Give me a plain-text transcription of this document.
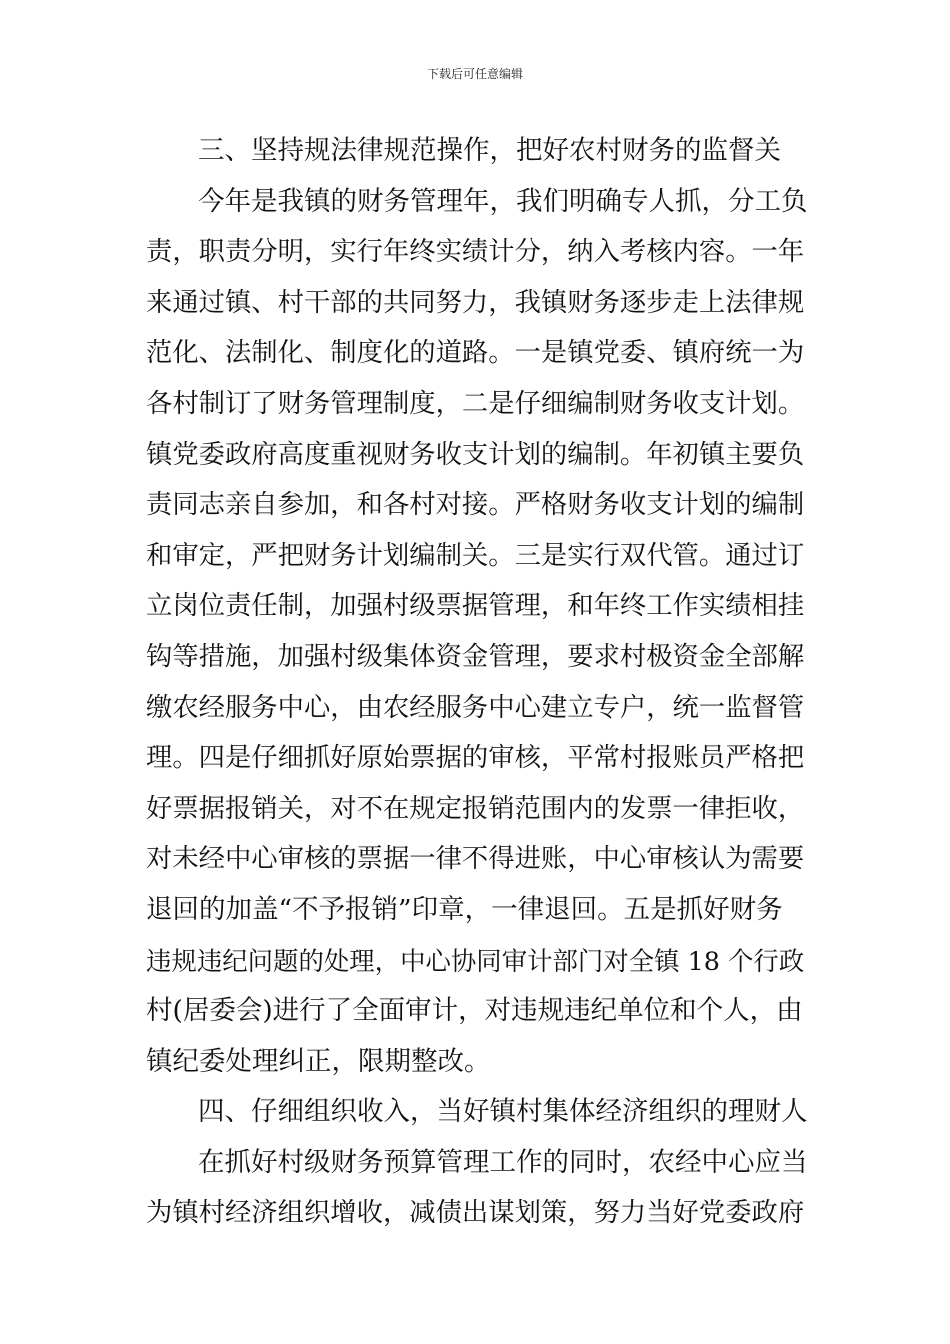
下载后可任意编辑
三、坚持规法律规范操作，把好农村财务的监督关
今年是我镇的财务管理年，我们明确专人抓，分工负
责，职责分明，实行年终实绩计分，纳入考核内容。一年
来通过镇、村干部的共同努力，我镇财务逐步走上法律规
范化、法制化、制度化的道路。一是镇党委、镇府统一为
各村制订了财务管理制度，二是仔细编制财务收支计划。
镇党委政府高度重视财务收支计划的编制。年初镇主要负
责同志亲自参加，和各村对接。严格财务收支计划的编制
和审定，严把财务计划编制关。三是实行双代管。通过订
立岗位责任制，加强村级票据管理，和年终工作实绩相挂
钩等措施，加强村级集体资金管理，要求村极资金全部解
缴农经服务中心，由农经服务中心建立专户，统一监督管
理。四是仔细抓好原始票据的审核，平常村报账员严格把
好票据报销关，对不在规定报销范围内的发票一律拒收，
对未经中心审核的票据一律不得进账，中心审核认为需要
退回的加盖“不予报销”印章，一律退回。五是抓好财务
违规违纪问题的处理，中心协同审计部门对全镇 18 个行政
村(居委会)进行了全面审计，对违规违纪单位和个人，由
镇纪委处理纠正，限期整改。
四、仔细组织收入，当好镇村集体经济组织的理财人
在抓好村级财务预算管理工作的同时，农经中心应当
为镇村经济组织增收，减债出谋划策，努力当好党委政府
